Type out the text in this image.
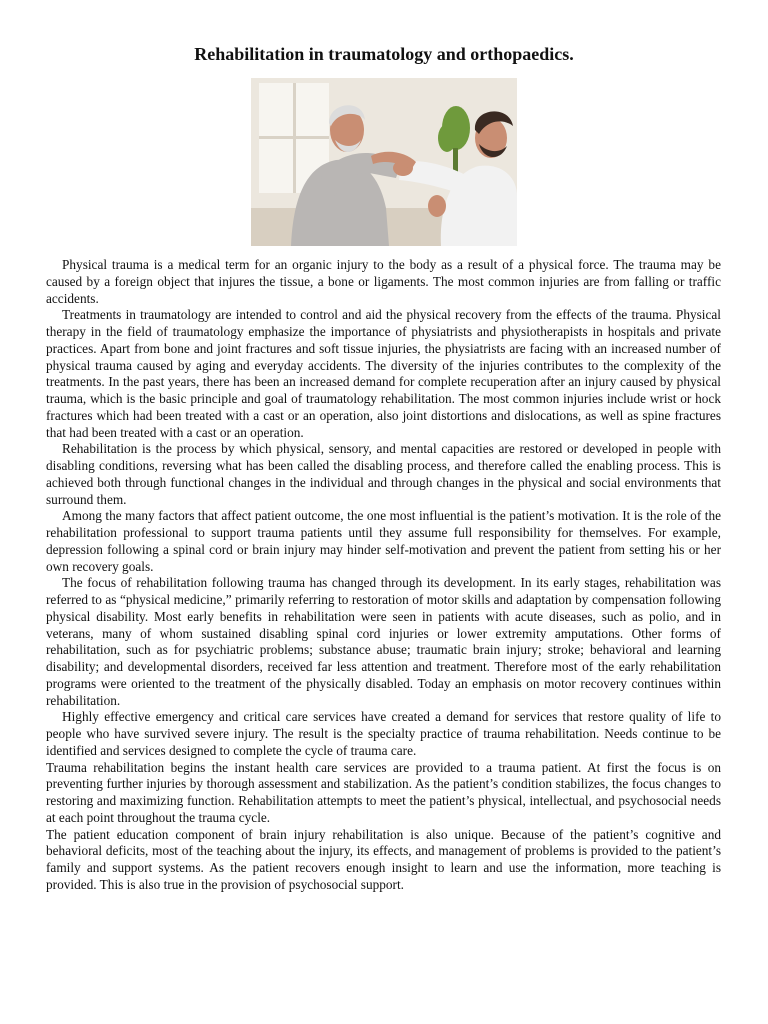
Rehabilitation in traumatology and orthopaedics.

Physical trauma is a medical term for an organic injury to the body as a result of a physical force. The trauma may be caused by a foreign object that injures the tissue, a bone or ligaments. The most common injuries are from falling or traffic accidents.

Treatments in traumatology are intended to control and aid the physical recovery from the effects of the trauma. Physical therapy in the field of traumatology emphasize the importance of physiatrists and physiotherapists in hospitals and private practices. Apart from bone and joint fractures and soft tissue injuries, the physiatrists are facing with an increased number of physical trauma caused by aging and everyday accidents. The diversity of the injuries contributes to the complexity of the treatments. In the past years, there has been an increased demand for complete recuperation after an injury caused by physical trauma, which is the basic principle and goal of traumatology rehabilitation. The most common injuries include wrist or hock fractures which had been treated with a cast or an operation, also joint distortions and dislocations, as well as spine fractures that had been treated with a cast or an operation.

Rehabilitation is the process by which physical, sensory, and mental capacities are restored or developed in people with disabling conditions, reversing what has been called the disabling process, and therefore called the enabling process. This is achieved both through functional changes in the individual and through changes in the physical and social environments that surround them.

Among the many factors that affect patient outcome, the one most influential is the patient’s motivation. It is the role of the rehabilitation professional to support trauma patients until they assume full responsibility for themselves. For example, depression following a spinal cord or brain injury may hinder self-motivation and prevent the patient from setting his or her own recovery goals.

The focus of rehabilitation following trauma has changed through its development. In its early stages, rehabilitation was referred to as “physical medicine,” primarily referring to restoration of motor skills and adaptation by compensation following physical disability. Most early benefits in rehabilitation were seen in patients with acute diseases, such as polio, and in veterans, many of whom sustained disabling spinal cord injuries or lower extremity amputations. Other forms of rehabilitation, such as for psychiatric problems; substance abuse; traumatic brain injury; stroke; behavioral and learning disability; and developmental disorders, received far less attention and treatment. Therefore most of the early rehabilitation programs were oriented to the treatment of the physically disabled. Today an emphasis on motor recovery continues within rehabilitation.

Highly effective emergency and critical care services have created a demand for services that restore quality of life to people who have survived severe injury. The result is the specialty practice of trauma rehabilitation. Needs continue to be identified and services designed to complete the cycle of trauma care.

Trauma rehabilitation begins the instant health care services are provided to a trauma patient. At first the focus is on preventing further injuries by thorough assessment and stabilization. As the patient’s condition stabilizes, the focus changes to restoring and maximizing function. Rehabilitation attempts to meet the patient’s physical, intellectual, and psychosocial needs at each point throughout the trauma cycle.

The patient education component of brain injury rehabilitation is also unique. Because of the patient’s cognitive and behavioral deficits, most of the teaching about the injury, its effects, and management of problems is provided to the patient’s family and support systems. As the patient recovers enough insight to learn and use the information, more teaching is provided. This is also true in the provision of psychosocial support.
